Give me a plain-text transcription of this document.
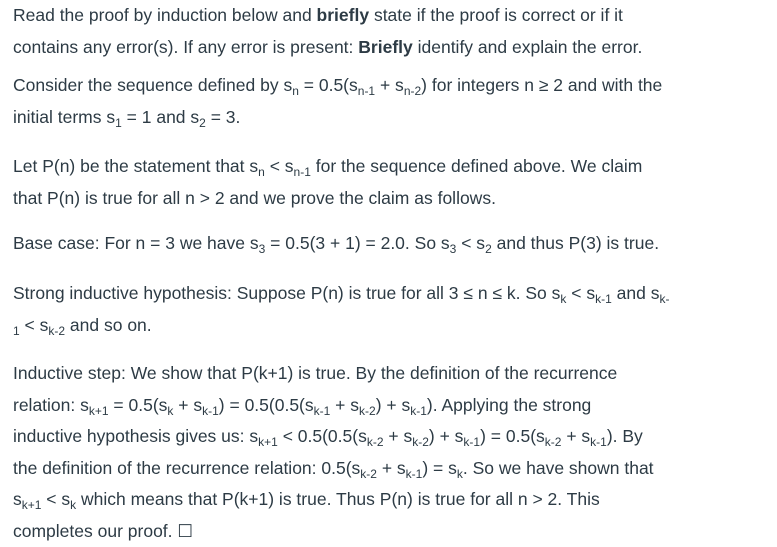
Read the proof by induction below and briefly state if the proof is correct or if it
contains any error(s). If any error is present: Briefly identify and explain the error.

Consider the sequence defined by $s_n = 0.5(s_{n-1} + s_{n-2})$ for integers n ≥ 2 and with the
initial terms $s_1 = 1$ and $s_2 = 3$.

Let P(n) be the statement that $s_n < s_{n-1}$ for the sequence defined above. We claim
that P(n) is true for all n > 2 and we prove the claim as follows.

Base case: For n = 3 we have $s_3 = 0.5(3 + 1) = 2.0$. So $s_3 < s_2$ and thus P(3) is true.

Strong inductive hypothesis: Suppose P(n) is true for all 3 ≤ n ≤ k. So $s_k < s_{k-1}$ and $s_{k-}$
$_1 < s_{k-2}$ and so on.

Inductive step: We show that P(k+1) is true. By the definition of the recurrence
relation: $s_{k+1} = 0.5(s_k + s_{k-1}) = 0.5(0.5(s_{k-1} + s_{k-2}) + s_{k-1})$. Applying the strong
inductive hypothesis gives us: $s_{k+1} < 0.5(0.5(s_{k-2} + s_{k-2}) + s_{k-1}) = 0.5(s_{k-2} + s_{k-1})$. By
the definition of the recurrence relation: $0.5(s_{k-2} + s_{k-1}) = s_k$. So we have shown that
$s_{k+1} < s_k$ which means that P(k+1) is true. Thus P(n) is true for all n > 2. This
completes our proof. ☐
